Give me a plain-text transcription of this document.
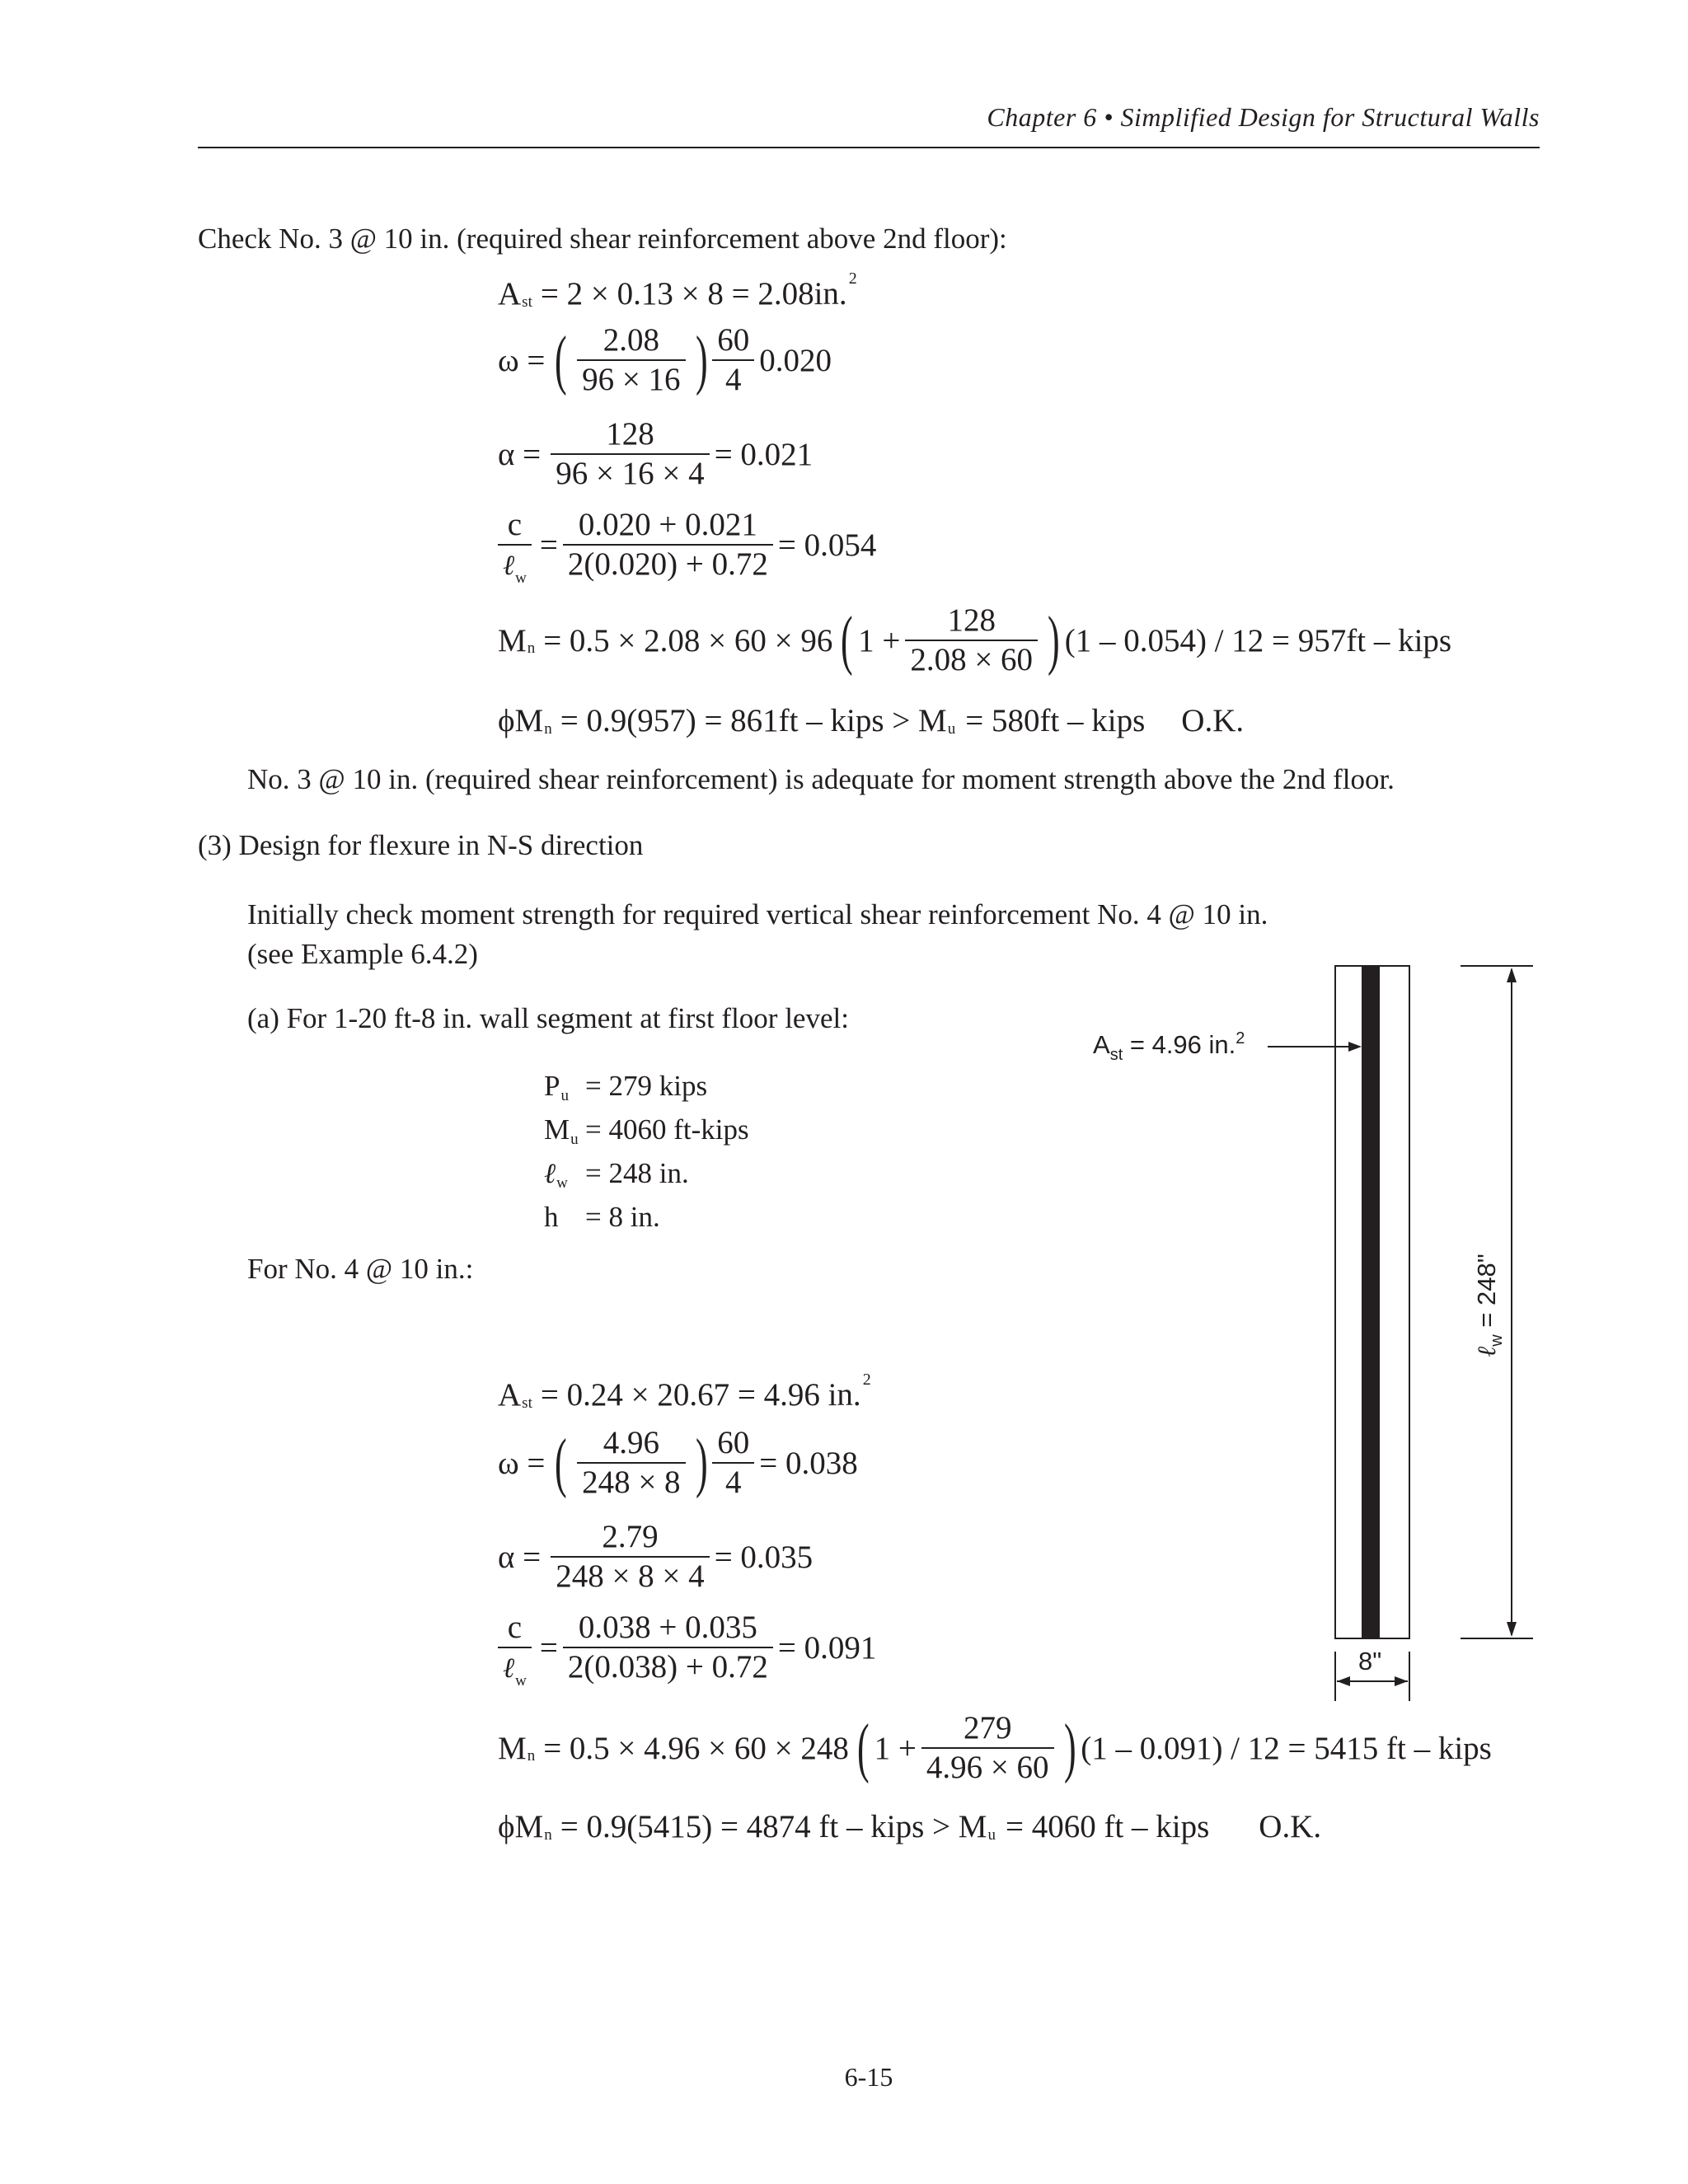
Chapter 6 • Simplified Design for Structural Walls
Check No. 3 @ 10 in. (required shear reinforcement above 2nd floor):
A st = 2 × 0.13 × 8 = 2.08in. 2
ω = ( $\frac{2.08}{96 \times 16}$ ) $\frac{60}{4} 0.020$
$\alpha = \frac{128}{96 \times 16 \times 4} = 0.021$
$\frac{c}{\ell_w} = \frac{0.020 + 0.021}{2(0.020) + 0.72} = 0.054$
M n = 0.5 × 2.08 × 60 × 96 ( $1 + \frac{128}{2.08 \times 60}$ ) (1 – 0.054) / 12 = 957ft – kips
ϕM n = 0.9(957) = 861ft – kips > M u = 580ft – kips O.K.
No. 3 @ 10 in. (required shear reinforcement) is adequate for moment strength above the 2nd floor.
(3) Design for flexure in N-S direction
Initially check moment strength for required vertical shear reinforcement No. 4 @ 10 in.
(see Example 6.4.2)
(a) For 1-20 ft-8 in. wall segment at first floor level:
Pu = 279 kips
Mu = 4060 ft-kips
ℓw = 248 in.
h = 8 in.
For No. 4 @ 10 in.:
A st = 0.24 × 20.67 = 4.96 in. 2
ω = ( $\frac{4.96}{248 \times 8}$ ) $\frac{60}{4} = 0.038$
$\alpha = \frac{2.79}{248 \times 8 \times 4} = 0.035$
$\frac{c}{\ell_w} = \frac{0.038 + 0.035}{2(0.038) + 0.72} = 0.091$
M n = 0.5 × 4.96 × 60 × 248 ( $1 + \frac{279}{4.96 \times 60}$ ) (1 – 0.091) / 12 = 5415 ft – kips
ϕM n = 0.9(5415) = 4874 ft – kips > M u = 4060 ft – kips O.K.
$A_{st} = 4.96$ in.$^2$
ℓ$_w$ = 248"
8"
6-15
